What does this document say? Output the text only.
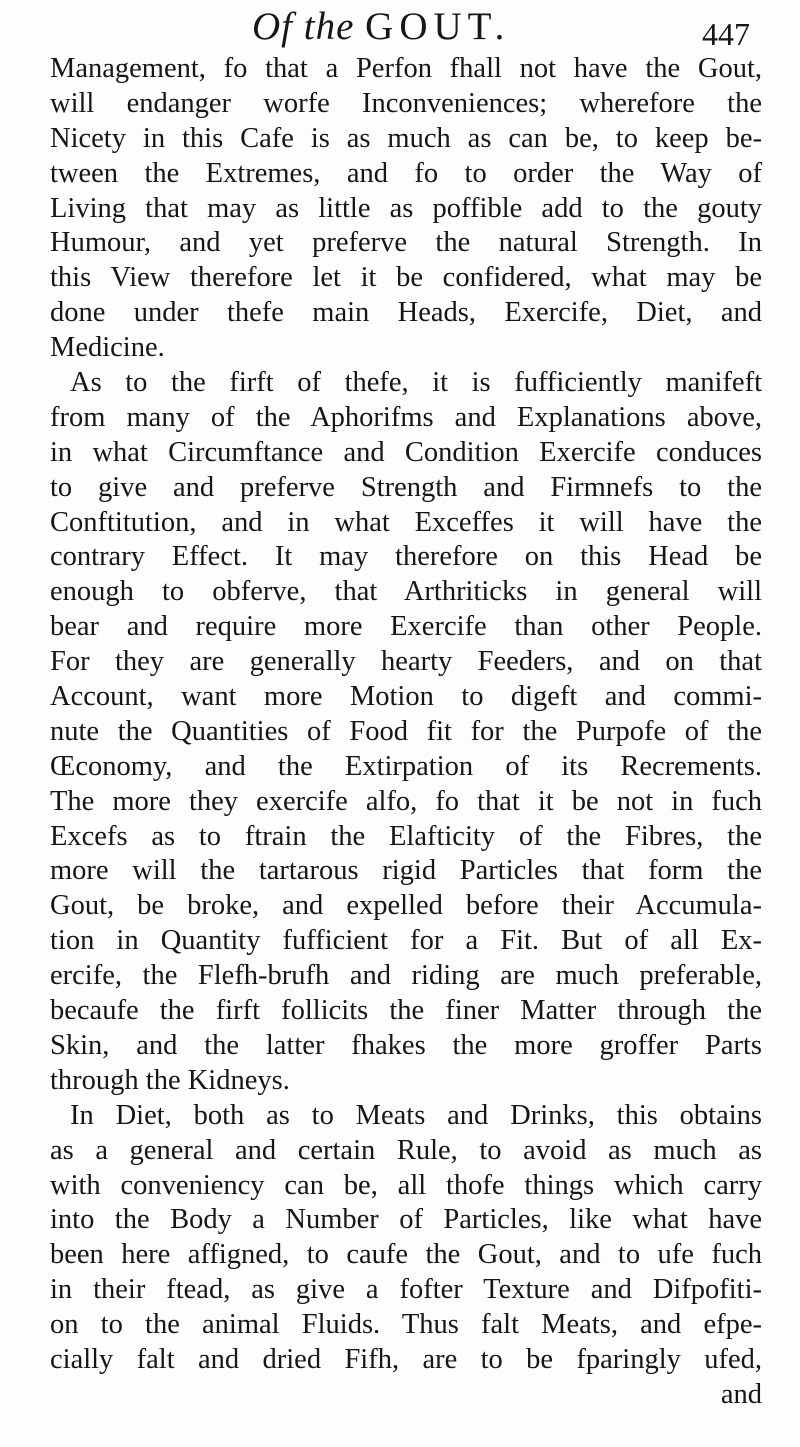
Of the GOUT.	447
Management, fo that a Perfon fhall not have the Gout,
will endanger worfe Inconveniences; wherefore the
Nicety in this Cafe is as much as can be, to keep be-
tween the Extremes, and fo to order the Way of
Living that may as little as poffible add to the gouty
Humour, and yet preferve the natural Strength. In
this View therefore let it be confidered, what may be
done under thefe main Heads, Exercife, Diet, and
Medicine.
As to the firft of thefe, it is fufficiently manifeft
from many of the Aphorifms and Explanations above,
in what Circumftance and Condition Exercife conduces
to give and preferve Strength and Firmnefs to the
Conftitution, and in what Exceffes it will have the
contrary Effect. It may therefore on this Head be
enough to obferve, that Arthriticks in general will
bear and require more Exercife than other People.
For they are generally hearty Feeders, and on that
Account, want more Motion to digeft and commi-
nute the Quantities of Food fit for the Purpofe of the
Œconomy, and the Extirpation of its Recrements.
The more they exercife alfo, fo that it be not in fuch
Excefs as to ftrain the Elafticity of the Fibres, the
more will the tartarous rigid Particles that form the
Gout, be broke, and expelled before their Accumula-
tion in Quantity fufficient for a Fit. But of all Ex-
ercife, the Flefh-brufh and riding are much preferable,
becaufe the firft follicits the finer Matter through the
Skin, and the latter fhakes the more groffer Parts
through the Kidneys.
In Diet, both as to Meats and Drinks, this obtains
as a general and certain Rule, to avoid as much as
with conveniency can be, all thofe things which carry
into the Body a Number of Particles, like what have
been here affigned, to caufe the Gout, and to ufe fuch
in their ftead, as give a fofter Texture and Difpofiti-
on to the animal Fluids. Thus falt Meats, and efpe-
cially falt and dried Fifh, are to be fparingly ufed,
and
